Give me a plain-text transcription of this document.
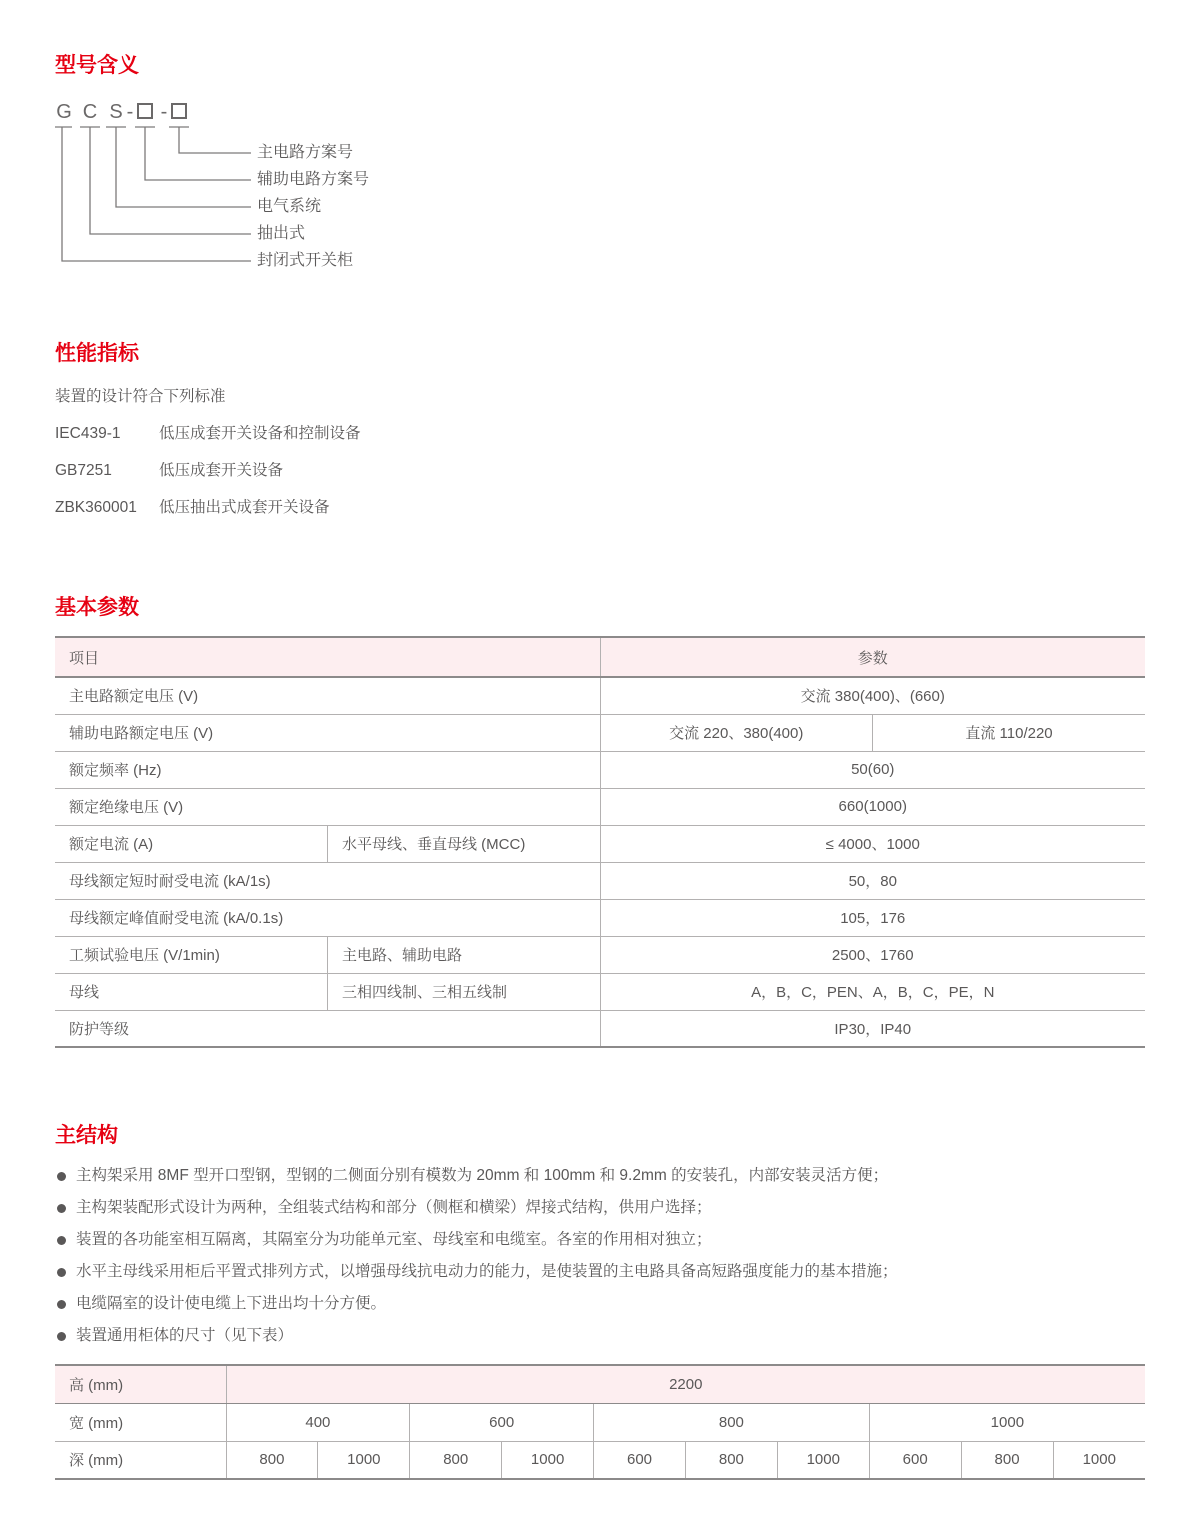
型号含义
G C S - -
主电路方案号
辅助电路方案号
电气系统
抽出式
封闭式开关柜
性能指标

装置的设计符合下列标准

IEC439-1	低压成套开关设备和控制设备
GB7251	低压成套开关设备
ZBK360001	低压抽出式成套开关设备
基本参数
项目		参数	
主电路额定电压 (V)		交流 380(400)、(660)	
辅助电路额定电压 (V)		交流 220、380(400)	直流 110/220
额定频率 (Hz)		50(60)	
额定绝缘电压 (V)		660(1000)	
额定电流 (A)	水平母线、垂直母线 (MCC)	≤ 4000、1000	
母线额定短时耐受电流 (kA/1s)		50，80	
母线额定峰值耐受电流 (kA/0.1s)		105，176	
工频试验电压 (V/1min)	主电路、辅助电路	2500、1760	
母线	三相四线制、三相五线制	A，B，C，PEN、A，B，C，PE，N	
防护等级		IP30，IP40	
主结构
主构架采用 8MF 型开口型钢，型钢的二侧面分别有模数为 20mm 和 100mm 和 9.2mm 的安装孔，内部安装灵活方便；
主构架装配形式设计为两种，全组装式结构和部分（侧框和横梁）焊接式结构，供用户选择；
装置的各功能室相互隔离，其隔室分为功能单元室、母线室和电缆室。各室的作用相对独立；
水平主母线采用柜后平置式排列方式，以增强母线抗电动力的能力，是使装置的主电路具备高短路强度能力的基本措施；
电缆隔室的设计使电缆上下进出均十分方便。
装置通用柜体的尺寸（见下表）
高 (mm)	2200									
宽 (mm)	400		600		800			1000		
深 (mm)	800	1000	800	1000	600	800	1000	600	800	1000
